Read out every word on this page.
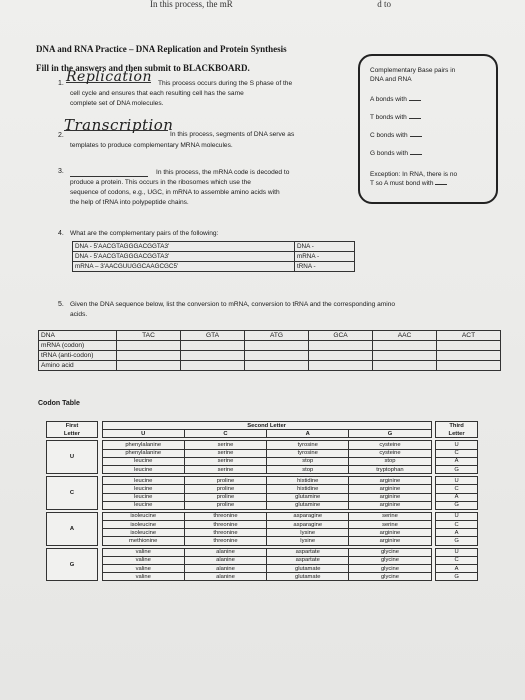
In this process, the mR	d to
DNA and RNA Practice – DNA Replication and Protein Synthesis
Fill in the answers and then submit to BLACKBOARD.
1. Replication This process occurs during the S phase of the
cell cycle and ensures that each resulting cell has the same
complete set of DNA molecules.
2.
Transcription
In this process, segments of DNA serve as
templates to produce complementary MRNA molecules.
3.	In this process, the mRNA code is decoded to
produce a protein. This occurs in the ribosomes which use the
sequence of codons, e.g., UGC, in mRNA to assemble amino acids with
the help of tRNA into polypeptide chains.
Complementary Base pairs in
DNA and RNA
A bonds with
T bonds with
C bonds with
G bonds with
Exception: In RNA, there is no
T so A must bond with
4. What are the complementary pairs of the following:
DNA - 5'AACGTAGGGACGGTA3'	DNA -
DNA - 5'AACGTAGGGACGGTA3'	mRNA -
mRNA – 3'AACGUUGGCAAGCGC5'	tRNA -
5. Given the DNA sequence below, list the conversion to mRNA, conversion to tRNA and the corresponding amino
acids.
DNA	TAC	GTA	ATG	GCA	AAC	ACT
mRNA (codon)						
tRNA (anti-codon)						
Amino acid						
Codon Table
First		Second Letter					Third
Letter		U	C	A	G		Letter

U		phenylalanine	serine	tyrosine	cysteine		U
		phenylalanine	serine	tyrosine	cysteine		C
		leucine	serine	stop	stop		A
		leucine	serine	stop	tryptophan		G

C		leucine	proline	histidine	arginine		U
		leucine	proline	histidine	arginine		C
		leucine	proline	glutamine	arginine		A
		leucine	proline	glutamine	arginine		G

A		isoleucine	threonine	asparagine	serine		U
		isoleucine	threonine	asparagine	serine		C
		isoleucine	threonine	lysine	arginine		A
		methionine	threonine	lysine	arginine		G

G		valine	alanine	aspartate	glycine		U
		valine	alanine	aspartate	glycine		C
		valine	alanine	glutamate	glycine		A
		valine	alanine	glutamate	glycine		G
